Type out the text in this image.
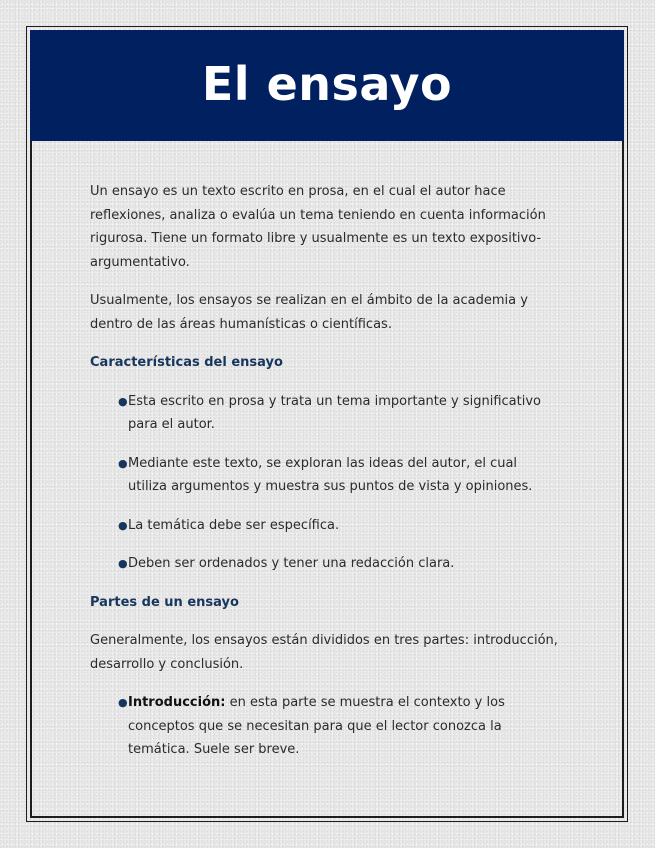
El ensayo

Un ensayo es un texto escrito en prosa, en el cual el autor hace reflexiones, analiza o evalúa un tema teniendo en cuenta información rigurosa. Tiene un formato libre y usualmente es un texto expositivo-argumentativo.

Usualmente, los ensayos se realizan en el ámbito de la academia y dentro de las áreas humanísticas o científicas.

Características del ensayo
● Esta escrito en prosa y trata un tema importante y significativo para el autor.
● Mediante este texto, se exploran las ideas del autor, el cual utiliza argumentos y muestra sus puntos de vista y opiniones.
● La temática debe ser específica.
● Deben ser ordenados y tener una redacción clara.
Partes de un ensayo

Generalmente, los ensayos están divididos en tres partes: introducción, desarrollo y conclusión.

● Introducción: en esta parte se muestra el contexto y los conceptos que se necesitan para que el lector conozca la temática. Suele ser breve.
